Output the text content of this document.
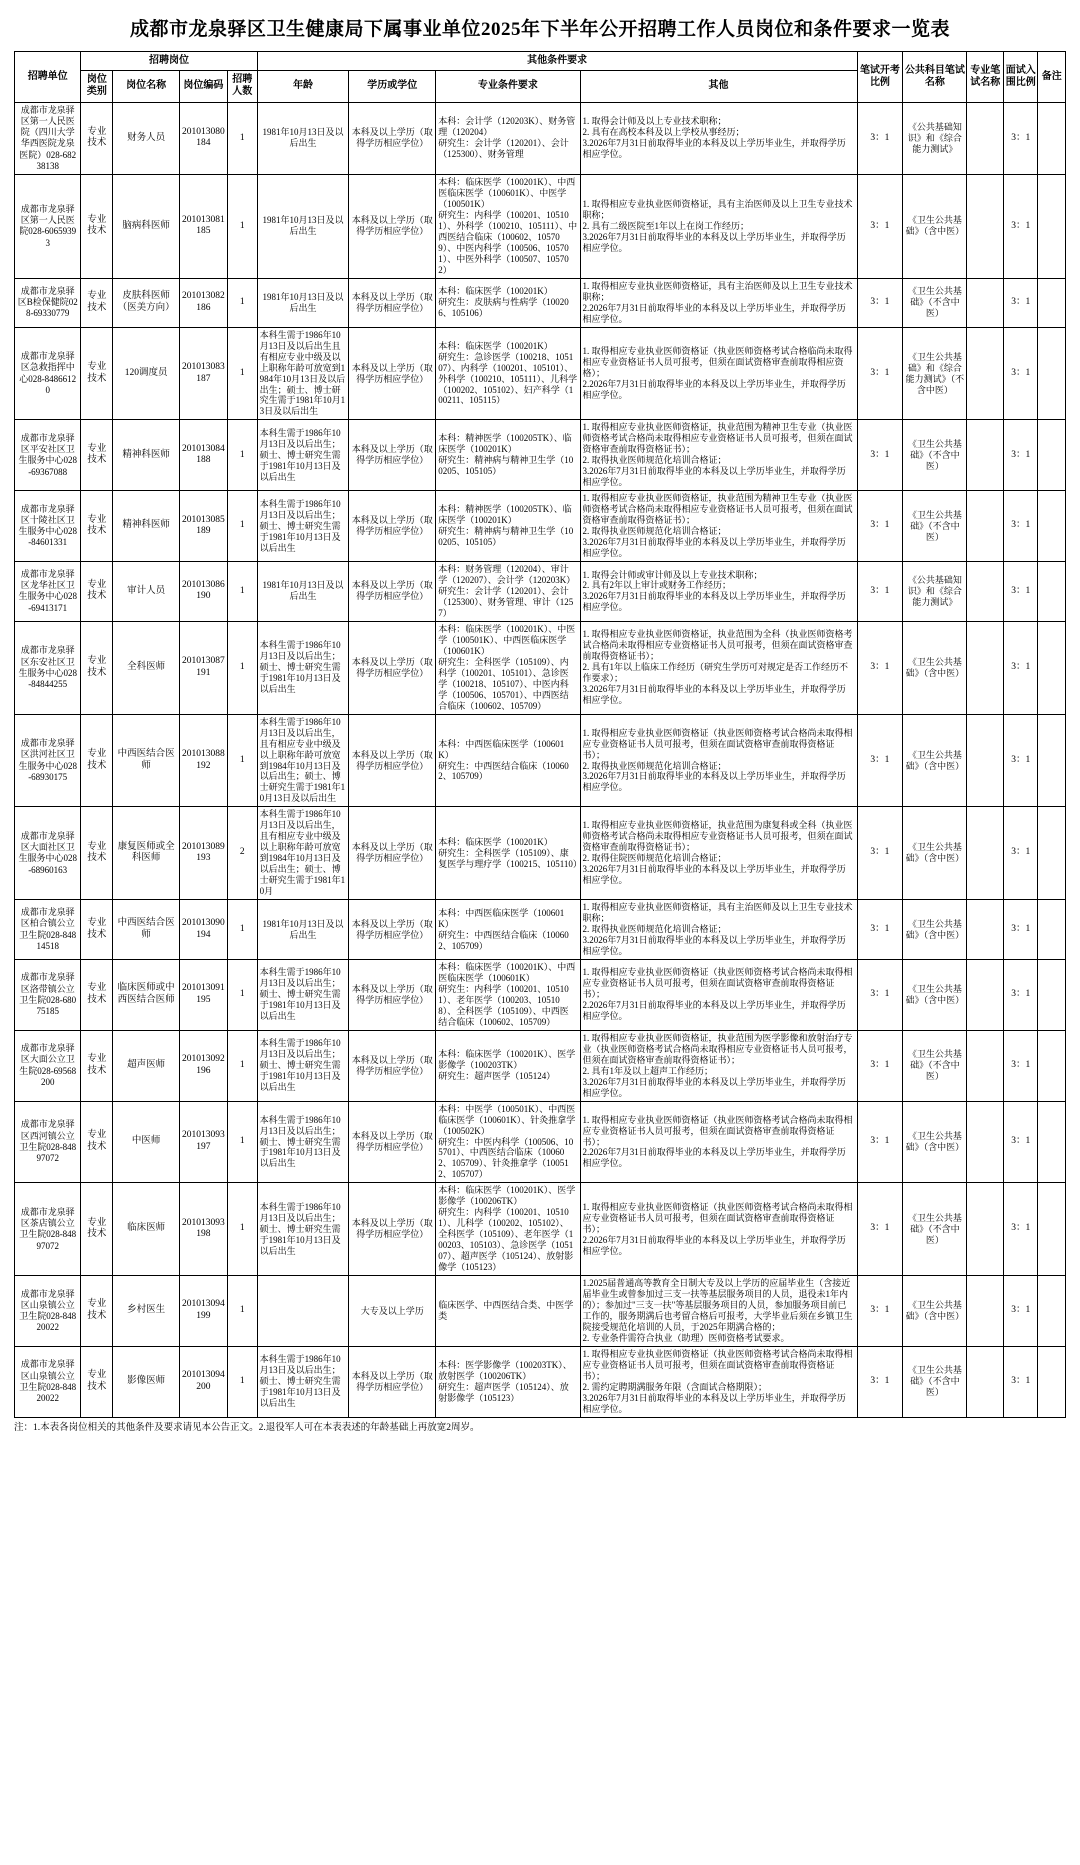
成都市龙泉驿区卫生健康局下属事业单位2025年下半年公开招聘工作人员岗位和条件要求一览表
招聘单位	招聘岗位				其他条件要求				笔试开考比例	公共科目笔试名称	专业笔试名称	面试入围比例	备注
	岗位类别	岗位名称	岗位编码	招聘人数	年龄	学历或学位	专业条件要求	其他					

成都市龙泉驿区第一人民医院（四川大学华西医院龙泉医院）028-68238138	专业技术	财务人员	201013080184	1	1981年10月13日及以后出生	本科及以上学历（取得学历相应学位）	本科：会计学（120203K）、财务管理（120204）
研究生：会计学（120201）、会计（125300）、财务管理	1. 取得会计师及以上专业技术职称；
2. 具有在高校本科及以上学校从事经历；
3.2026年7月31日前取得毕业的本科及以上学历毕业生，并取得学历相应学位。	3：1	《公共基础知识》和《综合能力测试》		3：1	
成都市龙泉驿区第一人民医院028-60659393	专业技术	脑病科医师	201013081185	1	1981年10月13日及以后出生	本科及以上学历（取得学历相应学位）	本科：临床医学（100201K）、中西医临床医学（100601K）、中医学（100501K）
研究生：内科学（100201、105101）、外科学（100210、105111）、中西医结合临床（100602、105709）、中医内科学（100506、105701）、中医外科学（100507、105702）	1. 取得相应专业执业医师资格证，具有主治医师及以上卫生专业技术职称；
2. 具有二级医院至1年以上在岗工作经历；
3.2026年7月31日前取得毕业的本科及以上学历毕业生，并取得学历相应学位。	3：1	《卫生公共基础》（含中医）		3：1	
成都市龙泉驿区B检保健院028-69330779	专业技术	皮肤科医师（医美方向）	201013082186	1	1981年10月13日及以后出生	本科及以上学历（取得学历相应学位）	本科：临床医学（100201K）
研究生：皮肤病与性病学（100206、105106）	1. 取得相应专业执业医师资格证，具有主治医师及以上卫生专业技术职称；
2.2026年7月31日前取得毕业的本科及以上学历毕业生，并取得学历相应学位。	3：1	《卫生公共基础》（不含中医）		3：1	
成都市龙泉驿区急救指挥中心028-84866120	专业技术	120调度员	201013083187	1	本科生需于1986年10月13日及以后出生且有相应专业中级及以上职称年龄可放宽到1984年10月13日及以后出生；硕士、博士研究生需于1981年10月13日及以后出生	本科及以上学历（取得学历相应学位）	本科：临床医学（100201K）
研究生：急诊医学（100218、105107）、内科学（100201、105101）、外科学（100210、105111）、儿科学（100202、105102）、妇产科学（100211、105115）	1. 取得相应专业执业医师资格证（执业医师资格考试合格临尚未取得相应专业资格证书人员可报考，但须在面试资格审查前取得相应资格）；
2.2026年7月31日前取得毕业的本科及以上学历毕业生，并取得学历相应学位。	3：1	《卫生公共基础》和《综合能力测试》（不含中医）		3：1	
成都市龙泉驿区平安社区卫生服务中心028-69367088	专业技术	精神科医师	201013084188	1	本科生需于1986年10月13日及以后出生；硕士、博士研究生需于1981年10月13日及以后出生	本科及以上学历（取得学历相应学位）	本科：精神医学（100205TK）、临床医学（100201K）
研究生：精神病与精神卫生学（100205、105105）	1. 取得相应专业执业医师资格证，执业范围为精神卫生专业（执业医师资格考试合格尚未取得相应专业资格证书人员可报考，但须在面试资格审查前取得资格证书）；
2. 取得执业医师规范化培训合格证；
3.2026年7月31日前取得毕业的本科及以上学历毕业生，并取得学历相应学位。	3：1	《卫生公共基础》（不含中医）		3：1	
成都市龙泉驿区十陵社区卫生服务中心028-84601331	专业技术	精神科医师	201013085189	1	本科生需于1986年10月13日及以后出生；硕士、博士研究生需于1981年10月13日及以后出生	本科及以上学历（取得学历相应学位）	本科：精神医学（100205TK）、临床医学（100201K）
研究生：精神病与精神卫生学（100205、105105）	1. 取得相应专业执业医师资格证，执业范围为精神卫生专业（执业医师资格考试合格尚未取得相应专业资格证书人员可报考，但须在面试资格审查前取得资格证书）；
2. 取得执业医师规范化培训合格证；
3.2026年7月31日前取得毕业的本科及以上学历毕业生，并取得学历相应学位。	3：1	《卫生公共基础》（不含中医）		3：1	
成都市龙泉驿区龙华社区卫生服务中心028-69413171	专业技术	审计人员	201013086190	1	1981年10月13日及以后出生	本科及以上学历（取得学历相应学位）	本科：财务管理（120204）、审计学（120207）、会计学（120203K）
研究生：会计学（120201）、会计（125300）、财务管理、审计（1257）	1. 取得会计师或审计师及以上专业技术职称；
2. 具有2年以上审计或财务工作经历；
3.2026年7月31日前取得毕业的本科及以上学历毕业生，并取得学历相应学位。	3：1	《公共基础知识》和《综合能力测试》		3：1	
成都市龙泉驿区东安社区卫生服务中心028-84844255	专业技术	全科医师	201013087191	1	本科生需于1986年10月13日及以后出生；硕士、博士研究生需于1981年10月13日及以后出生	本科及以上学历（取得学历相应学位）	本科：临床医学（100201K）、中医学（100501K）、中西医临床医学（100601K）
研究生：全科医学（105109）、内科学（100201、105101）、急诊医学（100218、105107）、中医内科学（100506、105701）、中西医结合临床（100602、105709）	1. 取得相应专业执业医师资格证，执业范围为全科（执业医师资格考试合格尚未取得相应专业资格证书人员可报考，但须在面试资格审查前取得资格证书）；
2. 具有1年以上临床工作经历（研究生学历可对规定是否工作经历不作要求）；
3.2026年7月31日前取得毕业的本科及以上学历毕业生，并取得学历相应学位。	3：1	《卫生公共基础》（含中医）		3：1	
成都市龙泉驿区洪河社区卫生服务中心028-68930175	专业技术	中西医结合医师	201013088192	1	本科生需于1986年10月13日及以后出生，且有相应专业中级及以上职称年龄可放宽到1984年10月13日及以后出生；硕士、博士研究生需于1981年10月13日及以后出生	本科及以上学历（取得学历相应学位）	本科：中西医临床医学（100601K）
研究生：中西医结合临床（100602、105709）	1. 取得相应专业执业医师资格证（执业医师资格考试合格尚未取得相应专业资格证书人员可报考，但须在面试资格审查前取得资格证书）；
2. 取得执业医师规范化培训合格证；
3.2026年7月31日前取得毕业的本科及以上学历毕业生，并取得学历相应学位。	3：1	《卫生公共基础》（含中医）		3：1	
成都市龙泉驿区大面社区卫生服务中心028-68960163	专业技术	康复医师或全科医师	201013089193	2	本科生需于1986年10月13日及以后出生，且有相应专业中级及以上职称年龄可放宽到1984年10月13日及以后出生；硕士、博士研究生需于1981年10月	本科及以上学历（取得学历相应学位）	本科：临床医学（100201K）
研究生：全科医学（105109）、康复医学与理疗学（100215、105110）	1. 取得相应专业执业医师资格证，执业范围为康复科或全科（执业医师资格考试合格尚未取得相应专业资格证书人员可报考，但须在面试资格审查前取得资格证书）；
2. 取得住院医师规范化培训合格证；
3.2026年7月31日前取得毕业的本科及以上学历毕业生，并取得学历相应学位。	3：1	《卫生公共基础》（含中医）		3：1	
成都市龙泉驿区柏合镇公立卫生院028-84814518	专业技术	中西医结合医师	201013090194	1	1981年10月13日及以后出生	本科及以上学历（取得学历相应学位）	本科：中西医临床医学（100601K）
研究生：中西医结合临床（100602、105709）	1. 取得相应专业执业医师资格证，具有主治医师及以上卫生专业技术职称；
2. 取得执业医师规范化培训合格证；
3.2026年7月31日前取得毕业的本科及以上学历毕业生，并取得学历相应学位。	3：1	《卫生公共基础》（含中医）		3：1	
成都市龙泉驿区洛带镇公立卫生院028-68075185	专业技术	临床医师或中西医结合医师	201013091195	1	本科生需于1986年10月13日及以后出生；硕士、博士研究生需于1981年10月13日及以后出生	本科及以上学历（取得学历相应学位）	本科：临床医学（100201K）、中西医临床医学（100601K）
研究生：内科学（100201、105101）、老年医学（100203、105108）、全科医学（105109）、中西医结合临床（100602、105709）	1. 取得相应专业执业医师资格证（执业医师资格考试合格尚未取得相应专业资格证书人员可报考，但须在面试资格审查前取得资格证书）；
2.2026年7月31日前取得毕业的本科及以上学历毕业生，并取得学历相应学位。	3：1	《卫生公共基础》（含中医）		3：1	
成都市龙泉驿区大面公立卫生院028-69568200	专业技术	超声医师	201013092196	1	本科生需于1986年10月13日及以后出生；硕士、博士研究生需于1981年10月13日及以后出生	本科及以上学历（取得学历相应学位）	本科：临床医学（100201K）、医学影像学（100203TK）
研究生：超声医学（105124）	1. 取得相应专业执业医师资格证，执业范围为医学影像和放射治疗专业（执业医师资格考试合格尚未取得相应专业资格证书人员可报考，但须在面试资格审查前取得资格证书）；
2. 具有1年及以上超声工作经历；
3.2026年7月31日前取得毕业的本科及以上学历毕业生，并取得学历相应学位。	3：1	《卫生公共基础》（不含中医）		3：1	
成都市龙泉驿区西河镇公立卫生院028-84897072	专业技术	中医师	201013093197	1	本科生需于1986年10月13日及以后出生；硕士、博士研究生需于1981年10月13日及以后出生	本科及以上学历（取得学历相应学位）	本科：中医学（100501K）、中西医临床医学（100601K）、针灸推拿学（100502K）
研究生：中医内科学（100506、105701）、中西医结合临床（100602、105709）、针灸推拿学（100512、105707）	1. 取得相应专业执业医师资格证（执业医师资格考试合格尚未取得相应专业资格证书人员可报考，但须在面试资格审查前取得资格证书）；
2.2026年7月31日前取得毕业的本科及以上学历毕业生，并取得学历相应学位。	3：1	《卫生公共基础》（含中医）		3：1	
成都市龙泉驿区茶店镇公立卫生院028-84897072	专业技术	临床医师	201013093198	1	本科生需于1986年10月13日及以后出生；硕士、博士研究生需于1981年10月13日及以后出生	本科及以上学历（取得学历相应学位）	本科：临床医学（100201K）、医学影像学（100206TK）
研究生：内科学（100201、105101）、儿科学（100202、105102）、全科医学（105109）、老年医学（100203、105103）、急诊医学（105107）、超声医学（105124）、放射影像学（105123）	1. 取得相应专业执业医师资格证（执业医师资格考试合格尚未取得相应专业资格证书人员可报考，但须在面试资格审查前取得资格证书）；
2.2026年7月31日前取得毕业的本科及以上学历毕业生，并取得学历相应学位。	3：1	《卫生公共基础》（不含中医）		3：1	
成都市龙泉驿区山泉镇公立卫生院028-84820022	专业技术	乡村医生	201013094199	1		大专及以上学历	临床医学、中西医结合类、中医学类	1.2025届普通高等教育全日制大专及以上学历的应届毕业生（含接近届毕业生或曾参加过三支一扶等基层服务项目的人员，退役未1年内的）；参加过"三支一扶"等基层服务项目的人员，参加服务项目前已工作的，服务期满后也考留合格后可报考，大学毕业后须在乡镇卫生院接受规范化培训的人员，于2025年期满合格的；
2. 专业条件需符合执业（助理）医师资格考试要求。	3：1	《卫生公共基础》（含中医）		3：1	
成都市龙泉驿区山泉镇公立卫生院028-84820022	专业技术	影像医师	201013094200	1	本科生需于1986年10月13日及以后出生；硕士、博士研究生需于1981年10月13日及以后出生	本科及以上学历（取得学历相应学位）	本科：医学影像学（100203TK）、放射医学（100206TK）
研究生：超声医学（105124）、放射影像学（105123）	1. 取得相应专业执业医师资格证（执业医师资格考试合格尚未取得相应专业资格证书人员可报考，但须在面试资格审查前取得资格证书）；
2. 需约定聘期满服务年限（含面试合格期限）；
3.2026年7月31日前取得毕业的本科及以上学历毕业生，并取得学历相应学位。	3：1	《卫生公共基础》（不含中医）		3：1	
注：1.本表各岗位相关的其他条件及要求请见本公告正文。2.退役军人可在本表表述的年龄基础上再放宽2周岁。
